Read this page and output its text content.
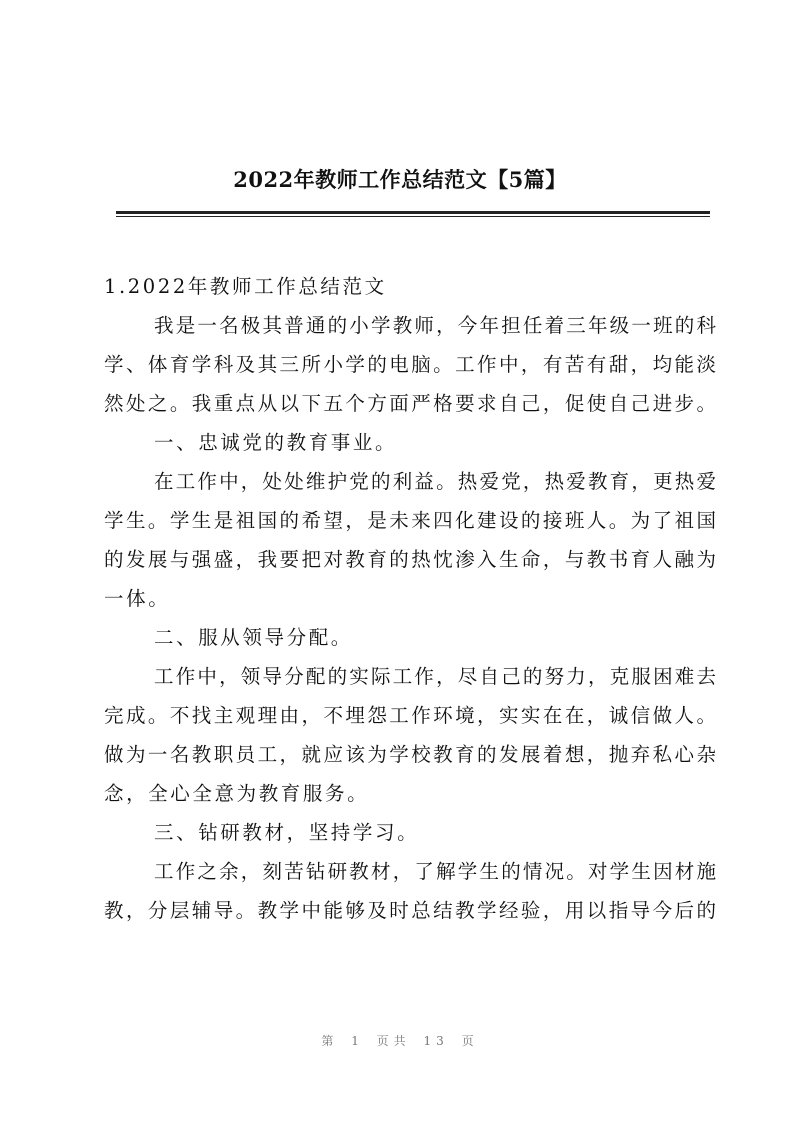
2022年教师工作总结范文【5篇】
1.2022年教师工作总结范文
我是一名极其普通的小学教师，今年担任着三年级一班的科
学、体育学科及其三所小学的电脑。工作中，有苦有甜，均能淡
然处之。我重点从以下五个方面严格要求自己，促使自己进步。
一、忠诚党的教育事业。
在工作中，处处维护党的利益。热爱党，热爱教育，更热爱
学生。学生是祖国的希望，是未来四化建设的接班人。为了祖国
的发展与强盛，我要把对教育的热忱渗入生命，与教书育人融为
一体。
二、服从领导分配。
工作中，领导分配的实际工作，尽自己的努力，克服困难去
完成。不找主观理由，不埋怨工作环境，实实在在，诚信做人。
做为一名教职员工，就应该为学校教育的发展着想，抛弃私心杂
念，全心全意为教育服务。
三、钻研教材，坚持学习。
工作之余，刻苦钻研教材，了解学生的情况。对学生因材施
教，分层辅导。教学中能够及时总结教学经验，用以指导今后的
第 1 页共 13 页
